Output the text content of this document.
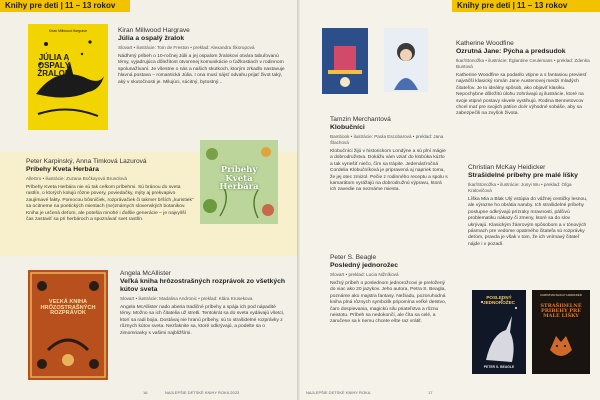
Knihy pre deti | 11 – 13 rokov
Kiran Millwood Hargrave
JÚLIA A OSPALÝ ŽRALOK
Kiran Millwood Hargrave
Júlia a ospalý žralok
Slovart • ilustrácie: Tom de Freston • preklad: Alexandra Škorupová
Nádhrný príbeh o 10-ročnej Júlii a jej ospalom žralokovi otvára tabuľovanú témy, vyjadrujúca dôležitost otvorenej komunikácie o ťažkostiach v rodinnom spolunažívaní. Je všestne o nás a našich skutkoch, ktorým zrkadlo nastavuje hlavná postava – romantická Júlia. I ona musí nájsť odvahu prijať život taký, aký v skutočnosti je. Milujúci, súcitný, bytostný...
Peter Karpinský, Anna Timková Lazurová
Príbehy Kveta Herbára
AlleGro • ilustrácie: Zuzana Bočkayová Brunclová
Príbehy Kveta Herbára nie sú tak celkom príbehmi. Sú bránou do sveta rastlín, o ktorých kolujú rôzne povery, poviedačky, mýty aj prekvapivo zaujímavé fakty. Pomocou bôsničiek, rozprávačiek či takmer brších „kuristiek“ sa ocitneme na poetických miestach (ne)známych slovenských botanikov. Kniha je určená deťom, ale potešia mnohé i ďalšie generácie – je najvyšší čas zastaviť sa pri herbároch a spoznávať svet rastlín.
Príbehy Kveta Herbára
VEĽKÁ KNIHA HRÔZOSTRAŠNÝCH ROZPRÁVOK
Angela McAllister
Veľká kniha hrôzostrašných rozprávok zo všetkých kútov sveta
Slovart • ilustrácie: Madalina Andronic • preklad: Klára Krusekova
Angela McAllister nado aberia tradičné príbehy a spája ich pod nápadité témy. Možno sa ich čitatelia už stretli. Tentokrát sa do sveta vydávajú všetci, ktorí sa radi bojia. Dostávaj nie hranú príbehy, sú to strašidelné rozprávky z rôznych kútov sveta. Nezľaknite sa, ktoré odkrývajú, a podelte sa o zimomriavky s vašimi najbližšími.
16	NAJLEPŠIE DETSKÉ KNIHY ROKA 2023
Tamzin Merchantová
Klobučníci
Bambook • ilustrácie: Paola Escobarová • preklad: Jana Šlachová
Klobučníci žijú v historickom Londýne a sú plní mágie a dobrodružstva. Dokážu vám vziať do klobúka kúzlo a tak vyriešiť niečo, čím sa trápite. Jedenásťročná Cordelia Klobučníková je pripravená aj napriek tomu, že jej otec zmizol. Pečie z rodinného receptu a spolu s kamarátom vyrážajú na dobrodružnú výpravu, ktorá ich zavedie na neznáme miesta.
Peter S. Beagle
Posledný jednorožec
Slovart • preklad: Lucia Nižníková
Nežný príbeh o poslednom jednorožcovi je preložený do viac ako 20 jazykov. Jeho autora, Petra S. Beagla, poznáme ako majstra fantasy. Nežiadu, pozoruhodná kniha plná rôznych symbolík pripomína veľké detstvo, čaro dospievania, magickú silu priateľstva a rôznu neistotu. Príbeh sa nedokončí, ale číta sa celé, a zaručene sa k nemu chcete ešte raz vrátiť.
Katherine Woodfine
Ozrutná Jane: Pýcha a predsudok
Ikar/Stonožka • ilustrácie: Églantine Ceulemans • preklad: Zdenka Buntová
Katherine Woodfine sa podarilo vtipne a s fantasiou previesť najväčší klasický román Jane Austenovej medzi mladých čitateľov. Je to ideálny spôsob, ako objaviť klasiku. Nepochybne dôležitú úlohu zohrávajú aj ilustrácie, ktoré na svoje vtipné postavy skvele vystihujú. Rodina Bennetovcov chcel mať pre svojich pätíce dcér výhodné sobáše, aby sa zabezpečili na zvyšok života.
Christian McKay Heidicker
Strašidelné príbehy pre malé líšky
Ikar/Stonožka • ilustrácie: Junyi Wu • preklad: Oľga Kralovičová
Líška Mia a Blak Ulý vstúpia do vážnej cestičky lesnou, ale výrazne ho obrátia naruby. Ich strašidelné príbehy postupne odkrývajú prízraky mravnosti, pálčivú problematiku nákazy či zmeny, ktoré sa do slov ukrývajú. Klasickým žánrovým spôsobom a v tónových pásmach pre vedome opatrného čitateľa sú rozprávky deťom, pravda je však v tom, že ich vnímavý čitateľ nájde i v pozadí.
POSLEDNÝ JEDNOROŽEC
PETER S. BEAGLE
CHRISTIAN McKAY HEIDICKER
STRAŠIDELNÉ PRÍBEHY PRE MALÉ LÍŠKY
NAJLEPŠIE DETSKÉ KNIHY ROKA	17
Knihy pre deti | 11 – 13 rokov
